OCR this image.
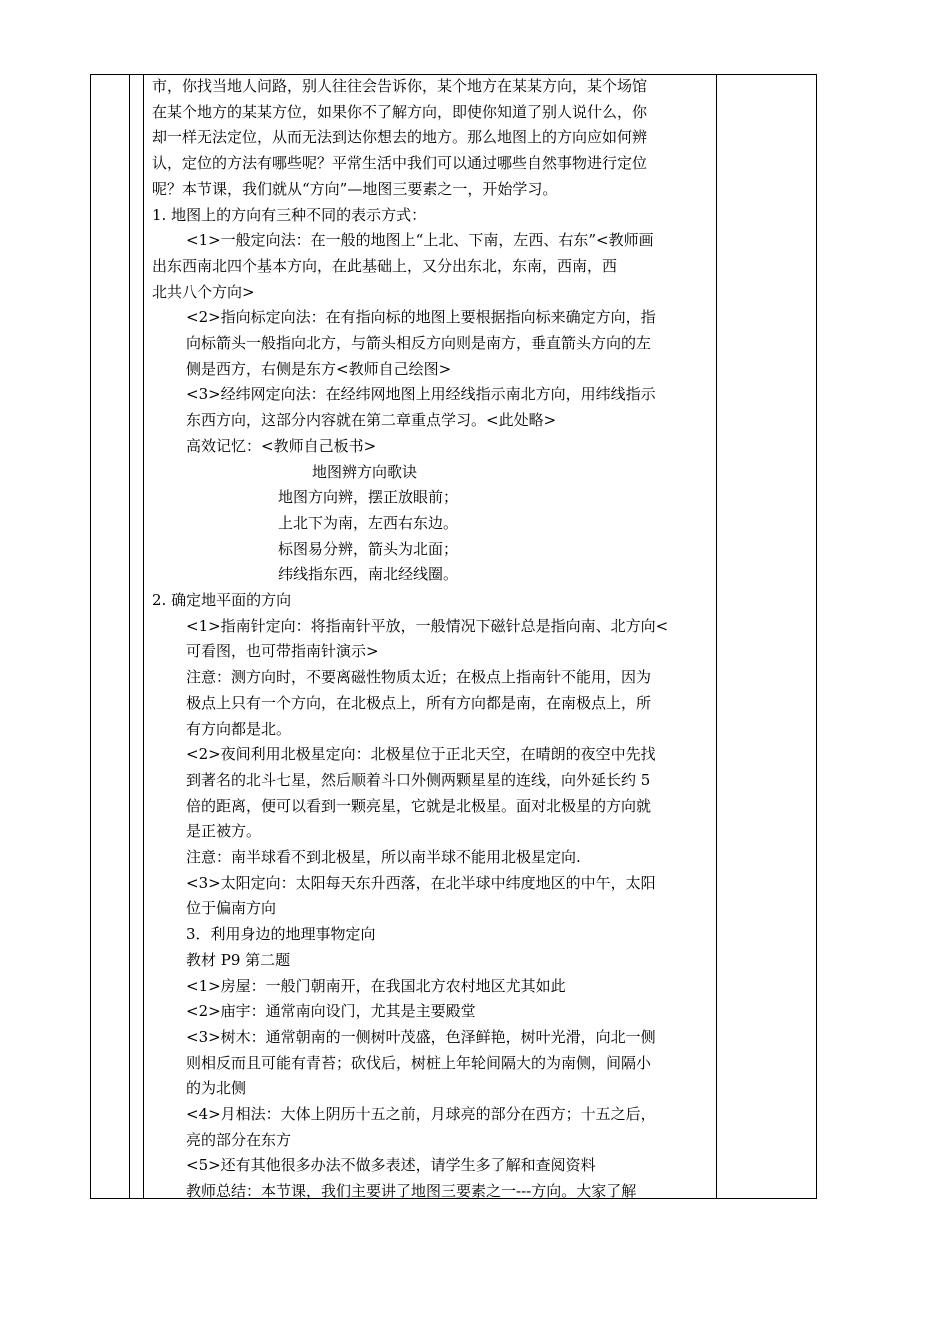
市，你找当地人问路，别人往往会告诉你，某个地方在某某方向，某个场馆
在某个地方的某某方位，如果你不了解方向，即使你知道了别人说什么，你
却一样无法定位，从而无法到达你想去的地方。那么地图上的方向应如何辨
认，定位的方法有哪些呢？平常生活中我们可以通过哪些自然事物进行定位
呢？本节课，我们就从“方向”—地图三要素之一，开始学习。
1. 地图上的方向有三种不同的表示方式：
<1>一般定向法：在一般的地图上“上北、下南，左西、右东”<教师画
出东西南北四个基本方向，在此基础上，又分出东北，东南，西南，西
北共八个方向>
<2>指向标定向法：在有指向标的地图上要根据指向标来确定方向，指
向标箭头一般指向北方，与箭头相反方向则是南方，垂直箭头方向的左
侧是西方，右侧是东方<教师自己绘图>
<3>经纬网定向法：在经纬网地图上用经线指示南北方向，用纬线指示
东西方向，这部分内容就在第二章重点学习。<此处略>
高效记忆：<教师自己板书>
地图辨方向歌诀
地图方向辨，摆正放眼前；
上北下为南，左西右东边。
标图易分辨，箭头为北面；
纬线指东西，南北经线圈。
2. 确定地平面的方向
<1>指南针定向：将指南针平放，一般情况下磁针总是指向南、北方向<
可看图，也可带指南针演示>
注意：测方向时，不要离磁性物质太近；在极点上指南针不能用，因为
极点上只有一个方向，在北极点上，所有方向都是南，在南极点上，所
有方向都是北。
<2>夜间利用北极星定向：北极星位于正北天空，在晴朗的夜空中先找
到著名的北斗七星，然后顺着斗口外侧两颗星星的连线，向外延长约 5
倍的距离，便可以看到一颗亮星，它就是北极星。面对北极星的方向就
是正被方。
注意：南半球看不到北极星，所以南半球不能用北极星定向.
<3>太阳定向：太阳每天东升西落，在北半球中纬度地区的中午，太阳
位于偏南方向
3．利用身边的地理事物定向
教材 P9 第二题
<1>房屋：一般门朝南开，在我国北方农村地区尤其如此
<2>庙宇：通常南向设门，尤其是主要殿堂
<3>树木：通常朝南的一侧树叶茂盛，色泽鲜艳，树叶光滑，向北一侧
则相反而且可能有青苔；砍伐后，树桩上年轮间隔大的为南侧，间隔小
的为北侧
<4>月相法：大体上阴历十五之前，月球亮的部分在西方；十五之后，
亮的部分在东方
<5>还有其他很多办法不做多表述，请学生多了解和查阅资料
教师总结：本节课，我们主要讲了地图三要素之一---方向。大家了解
